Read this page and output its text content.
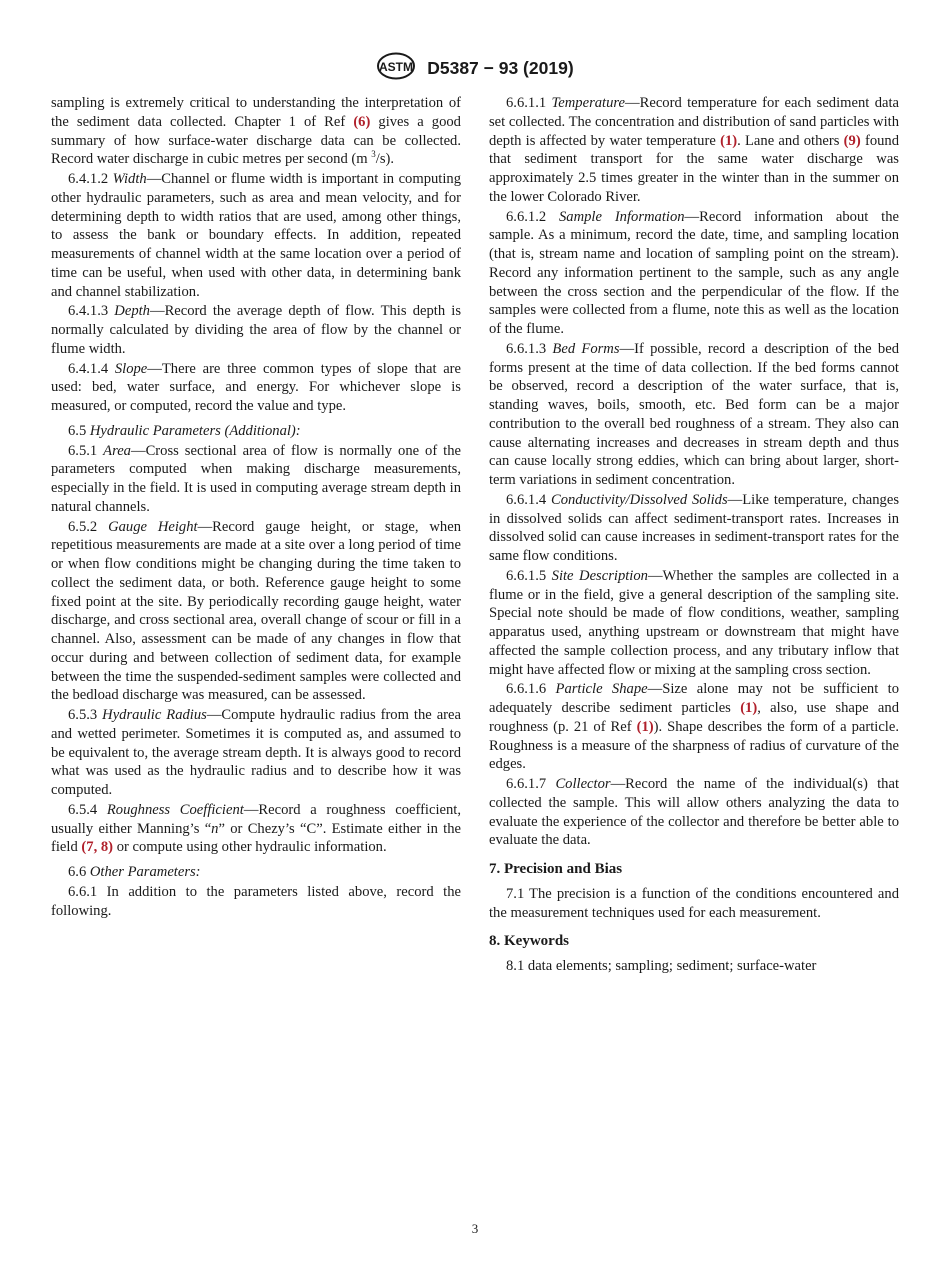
ASTM D5387 − 93 (2019)

sampling is extremely critical to understanding the interpretation of the sediment data collected. Chapter 1 of Ref (6) gives a good summary of how surface-water discharge data can be collected. Record water discharge in cubic metres per second (m $^3$/s).

6.4.1.2 Width—Channel or flume width is important in computing other hydraulic parameters, such as area and mean velocity, and for determining depth to width ratios that are used, among other things, to assess the bank or boundary effects. In addition, repeated measurements of channel width at the same location over a period of time can be useful, when used with other data, in determining bank and channel stabilization.

6.4.1.3 Depth—Record the average depth of flow. This depth is normally calculated by dividing the area of flow by the channel or flume width.

6.4.1.4 Slope—There are three common types of slope that are used: bed, water surface, and energy. For whichever slope is measured, or computed, record the value and type.

6.5 Hydraulic Parameters (Additional):

6.5.1 Area—Cross sectional area of flow is normally one of the parameters computed when making discharge measurements, especially in the field. It is used in computing average stream depth in natural channels.

6.5.2 Gauge Height—Record gauge height, or stage, when repetitious measurements are made at a site over a long period of time or when flow conditions might be changing during the time taken to collect the sediment data, or both. Reference gauge height to some fixed point at the site. By periodically recording gauge height, water discharge, and cross sectional area, overall change of scour or fill in a channel. Also, assessment can be made of any changes in flow that occur during and between collection of sediment data, for example between the time the suspended-sediment samples were collected and the bedload discharge was measured, can be assessed.

6.5.3 Hydraulic Radius—Compute hydraulic radius from the area and wetted perimeter. Sometimes it is computed as, and assumed to be equivalent to, the average stream depth. It is always good to record what was used as the hydraulic radius and to describe how it was computed.

6.5.4 Roughness Coefficient—Record a roughness coefficient, usually either Manning’s “n” or Chezy’s “C”. Estimate either in the field (7, 8) or compute using other hydraulic information.

6.6 Other Parameters:

6.6.1 In addition to the parameters listed above, record the following.

6.6.1.1 Temperature—Record temperature for each sediment data set collected. The concentration and distribution of sand particles with depth is affected by water temperature (1). Lane and others (9) found that sediment transport for the same water discharge was approximately 2.5 times greater in the winter than in the summer on the lower Colorado River.

6.6.1.2 Sample Information—Record information about the sample. As a minimum, record the date, time, and sampling location (that is, stream name and location of sampling point on the stream). Record any information pertinent to the sample, such as any angle between the cross section and the perpendicular of the flow. If the samples were collected from a flume, note this as well as the location of the flume.

6.6.1.3 Bed Forms—If possible, record a description of the bed forms present at the time of data collection. If the bed forms cannot be observed, record a description of the water surface, that is, standing waves, boils, smooth, etc. Bed form can be a major contribution to the overall bed roughness of a stream. They also can cause alternating increases and decreases in stream depth and thus can cause locally strong eddies, which can bring about larger, short-term variations in sediment concentration.

6.6.1.4 Conductivity/Dissolved Solids—Like temperature, changes in dissolved solids can affect sediment-transport rates. Increases in dissolved solid can cause increases in sediment-transport rates for the same flow conditions.

6.6.1.5 Site Description—Whether the samples are collected in a flume or in the field, give a general description of the sampling site. Special note should be made of flow conditions, weather, sampling apparatus used, anything upstream or downstream that might have affected the sample collection process, and any tributary inflow that might have affected flow or mixing at the sampling cross section.

6.6.1.6 Particle Shape—Size alone may not be sufficient to adequately describe sediment particles (1), also, use shape and roughness (p. 21 of Ref (1)). Shape describes the form of a particle. Roughness is a measure of the sharpness of radius of curvature of the edges.

6.6.1.7 Collector—Record the name of the individual(s) that collected the sample. This will allow others analyzing the data to evaluate the experience of the collector and therefore be better able to evaluate the data.

7. Precision and Bias

7.1 The precision is a function of the conditions encountered and the measurement techniques used for each measurement.

8. Keywords

8.1 data elements; sampling; sediment; surface-water

3
